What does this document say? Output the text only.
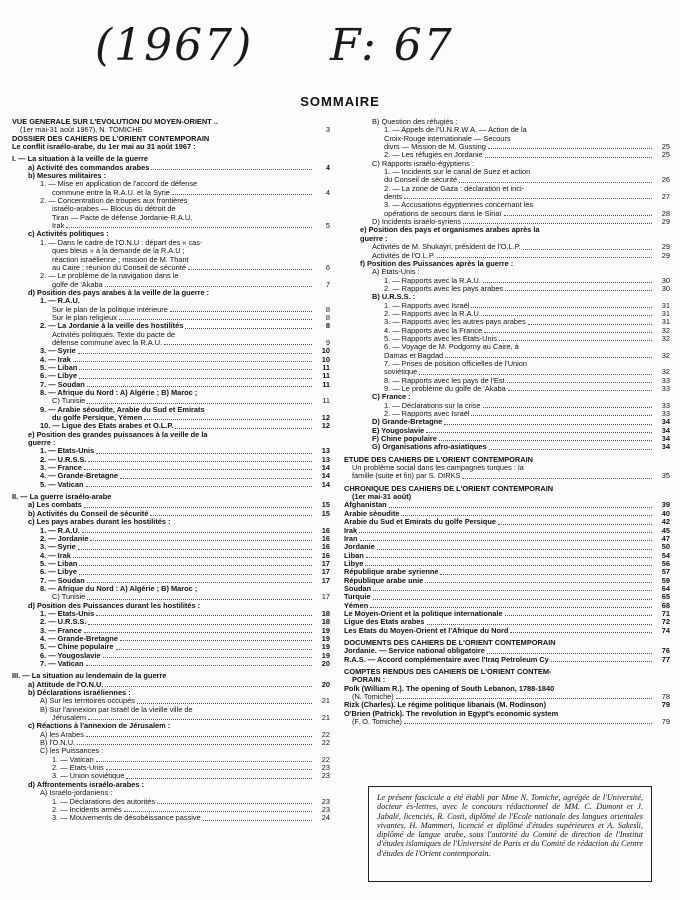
(1967) F: 67
SOMMAIRE
VUE GENERALE SUR L'EVOLUTION DU MOYEN-ORIENT ..
(1er mai-31 août 1967), N. TOMICHE	3
DOSSIER DES CAHIERS DE L'ORIENT CONTEMPORAIN
Le conflit israélo-arabe, du 1er mai au 31 août 1967 :
I. — La situation à la veille de la guerre
a) Activité des commandos arabes	4
b) Mesures militaires :
1. — Mise en application de l'accord de défense
commune entre la R.A.U. et la Syrie	4
2. — Concentration de troupes aux frontières
israélo-arabes — Blocus du détroit de
Tiran — Pacte de défense Jordanie-R.A.U.
Irak	5
c) Activités politiques :
1. — Dans le cadre de l'O.N.U : départ des « cas-
ques bleus » à la demande de la R.A.U ;
réaction israélienne ; mission de M. Thant
au Caire ; réunion du Conseil de sécurité	6
2. — Le problème de la navigation dans le
golfe de 'Akaba	7
d) Position des pays arabes à la veille de la guerre :
1. — R.A.U.
Sur le plan de la politique intérieure	8
Sur le plan religieux	8
2. — La Jordanie à la veille des hostilités	8
Activités politiques. Texte du pacte de
défense commune avec la R.A.U.	9
3. — Syrie	10
4. — Irak	10
5. — Liban	11
6. — Libye	11
7. — Soudan	11
8. — Afrique du Nord : A) Algérie ; B) Maroc ;
C) Tunisie	11
9. — Arabie séoudite, Arabie du Sud et Emirats
du golfe Persique, Yémen	12
10. — Ligue des Etats arabes et O.L.P.	12
e) Position des grandes puissances à la veille de la
guerre :
1. — Etats-Unis	13
2. — U.R.S.S.	13
3. — France	14
4. — Grande-Bretagne	14
5. — Vatican	14
II. — La guerre israélo-arabe
a) Les combats	15
b) Activités du Conseil de sécurité	15
c) Les pays arabes durant les hostilités :
1. — R.A.U.	16
2. — Jordanie	16
3. — Syrie	16
4. — Irak	16
5. — Liban	17
6. — Libye	17
7. — Soudan	17
8. — Afrique du Nord : A) Algérie ; B) Maroc ;
C) Tunisie	17
d) Position des Puissances durant les hostilités :
1. — Etats-Unis	18
2. — U.R.S.S.	18
3. — France	19
4. — Grande-Bretagne	19
5. — Chine populaire	19
6. — Yougoslavie	19
7. — Vatican	20
III. — La situation au lendemain de la guerre
a) Attitude de l'O.N.U.	20
b) Déclarations israéliennes :
A) Sur les territoires occupés	21
B) Sur l'annexion par Israël de la vieille ville de
Jérusalem	21
c) Réactions à l'annexion de Jérusalem :
A) les Arabes	22
B) l'O.N.U.	22
C) les Puissances :
1. — Vatican	22
2. — Etats-Unis	23
3. — Union soviétique	23
d) Affrontements israélo-arabes :
A) Israélo-jordaniens :
1. — Déclarations des autorités	23
2. — Incidents armés	23
3. — Mouvements de désobéissance passive	24
B) Question des réfugiés :
1. — Appels de l'U.N.R.W.A. — Action de la
Croix-Rouge internationale — Secours
divrs — Mission de M. Gussing	25
2. — Les réfugiés en Jordanie	25
C) Rapports israélo-égyptiens :
1. — Incidents sur le canal de Suez et action
du Conseil de sécurité	26
2. — La zone de Gaza : déclaration et inci-
dents	27
3. — Accusations égyptiennes concernant les
opérations de secours dans le Sinaï	28
D) Incidents israélo-syriens	29
e) Position des pays et organismes arabes après la
guerre :
Activités de M. Shukayri, président de l'O.L.P.	29
Activités de l'O.L.P.	29
f) Position des Puissances après la guerre :
A) Etats-Unis :
1. — Rapports avec la R.A.U.	30
2. — Rapports avec les pays arabes	30
B) U.R.S.S. :
1. — Rapports avec Israël	31
2. — Rapports avec la R.A.U.	31
3. — Rapports avec les autres pays arabes	31
4. — Rapports avec la France	32
5. — Rapports avec les Etats-Unis	32
6. — Voyage de M. Podgorny au Caire, à
Damas et Bagdad	32
7. — Prises de position officielles de l'Union
soviétique	32
8. — Rapports avec les pays de l'Est	33
9. — Le problème du golfe de 'Akaba	33
C) France :
1. — Déclarations sur la crise	33
2. — Rapports avec Israël	33
D) Grande-Bretagne	34
E) Yougoslavie	34
F) Chine populaire	34
G) Organisations afro-asiatiques	34
ETUDE DES CAHIERS DE L'ORIENT CONTEMPORAIN
Un problème social dans les campagnes turques : la
famille (suite et fin) par S. DIRKS	35
CHRONIQUE DES CAHIERS DE L'ORIENT CONTEMPORAIN
(1er mai-31 août)
Afghanistan	39
Arabie séoudite	40
Arabie du Sud et Emirats du golfe Persique	42
Irak	45
Iran	47
Jordanie	50
Liban	54
Libye	56
République arabe syrienne	57
République arabe unie	59
Soudan	64
Turquie	65
Yémen	68
Le Moyen-Orient et la politique internationale	71
Ligue des Etats arabes	72
Les Etats du Moyen-Orient et l'Afrique du Nord	74
DOCUMENTS DES CAHIERS DE L'ORIENT CONTEMPORAIN
Jordanie. — Service national obligatoire	76
R.A.S. — Accord complémentaire avec l'Iraq Petroleum Cy	77
COMPTES RENDUS DES CAHIERS DE L'ORIENT CONTEM-
PORAIN :
Polk (William R.). The opening of South Lebanon, 1788-1840
(N. Tomiche)	78
Rizk (Charles). Le régime politique libanais (M. Rodinson)	79
O'Brien (Patrick). The revolution in Egypt's economic system
(F. O. Tomiche)	79
Le présent fascicule a été établi par Mme N. Tomiche, agrégée de l'Université, docteur ès-lettres, avec le concours rédactionnel de MM. C. Dumont et J. Jabalé, licenciés, R. Costi, diplômé de l'Ecole nationale des langues orientales vivantes, H. Mammeri, licencié et diplômé d'études supérieures et A. Sakesli, diplômé de langue arabe, sous l'autorité du Comité de direction de l'Institut d'études islamiques de l'Université de Paris et du Comité de rédaction du Centre d'études de l'Orient contemporain.
